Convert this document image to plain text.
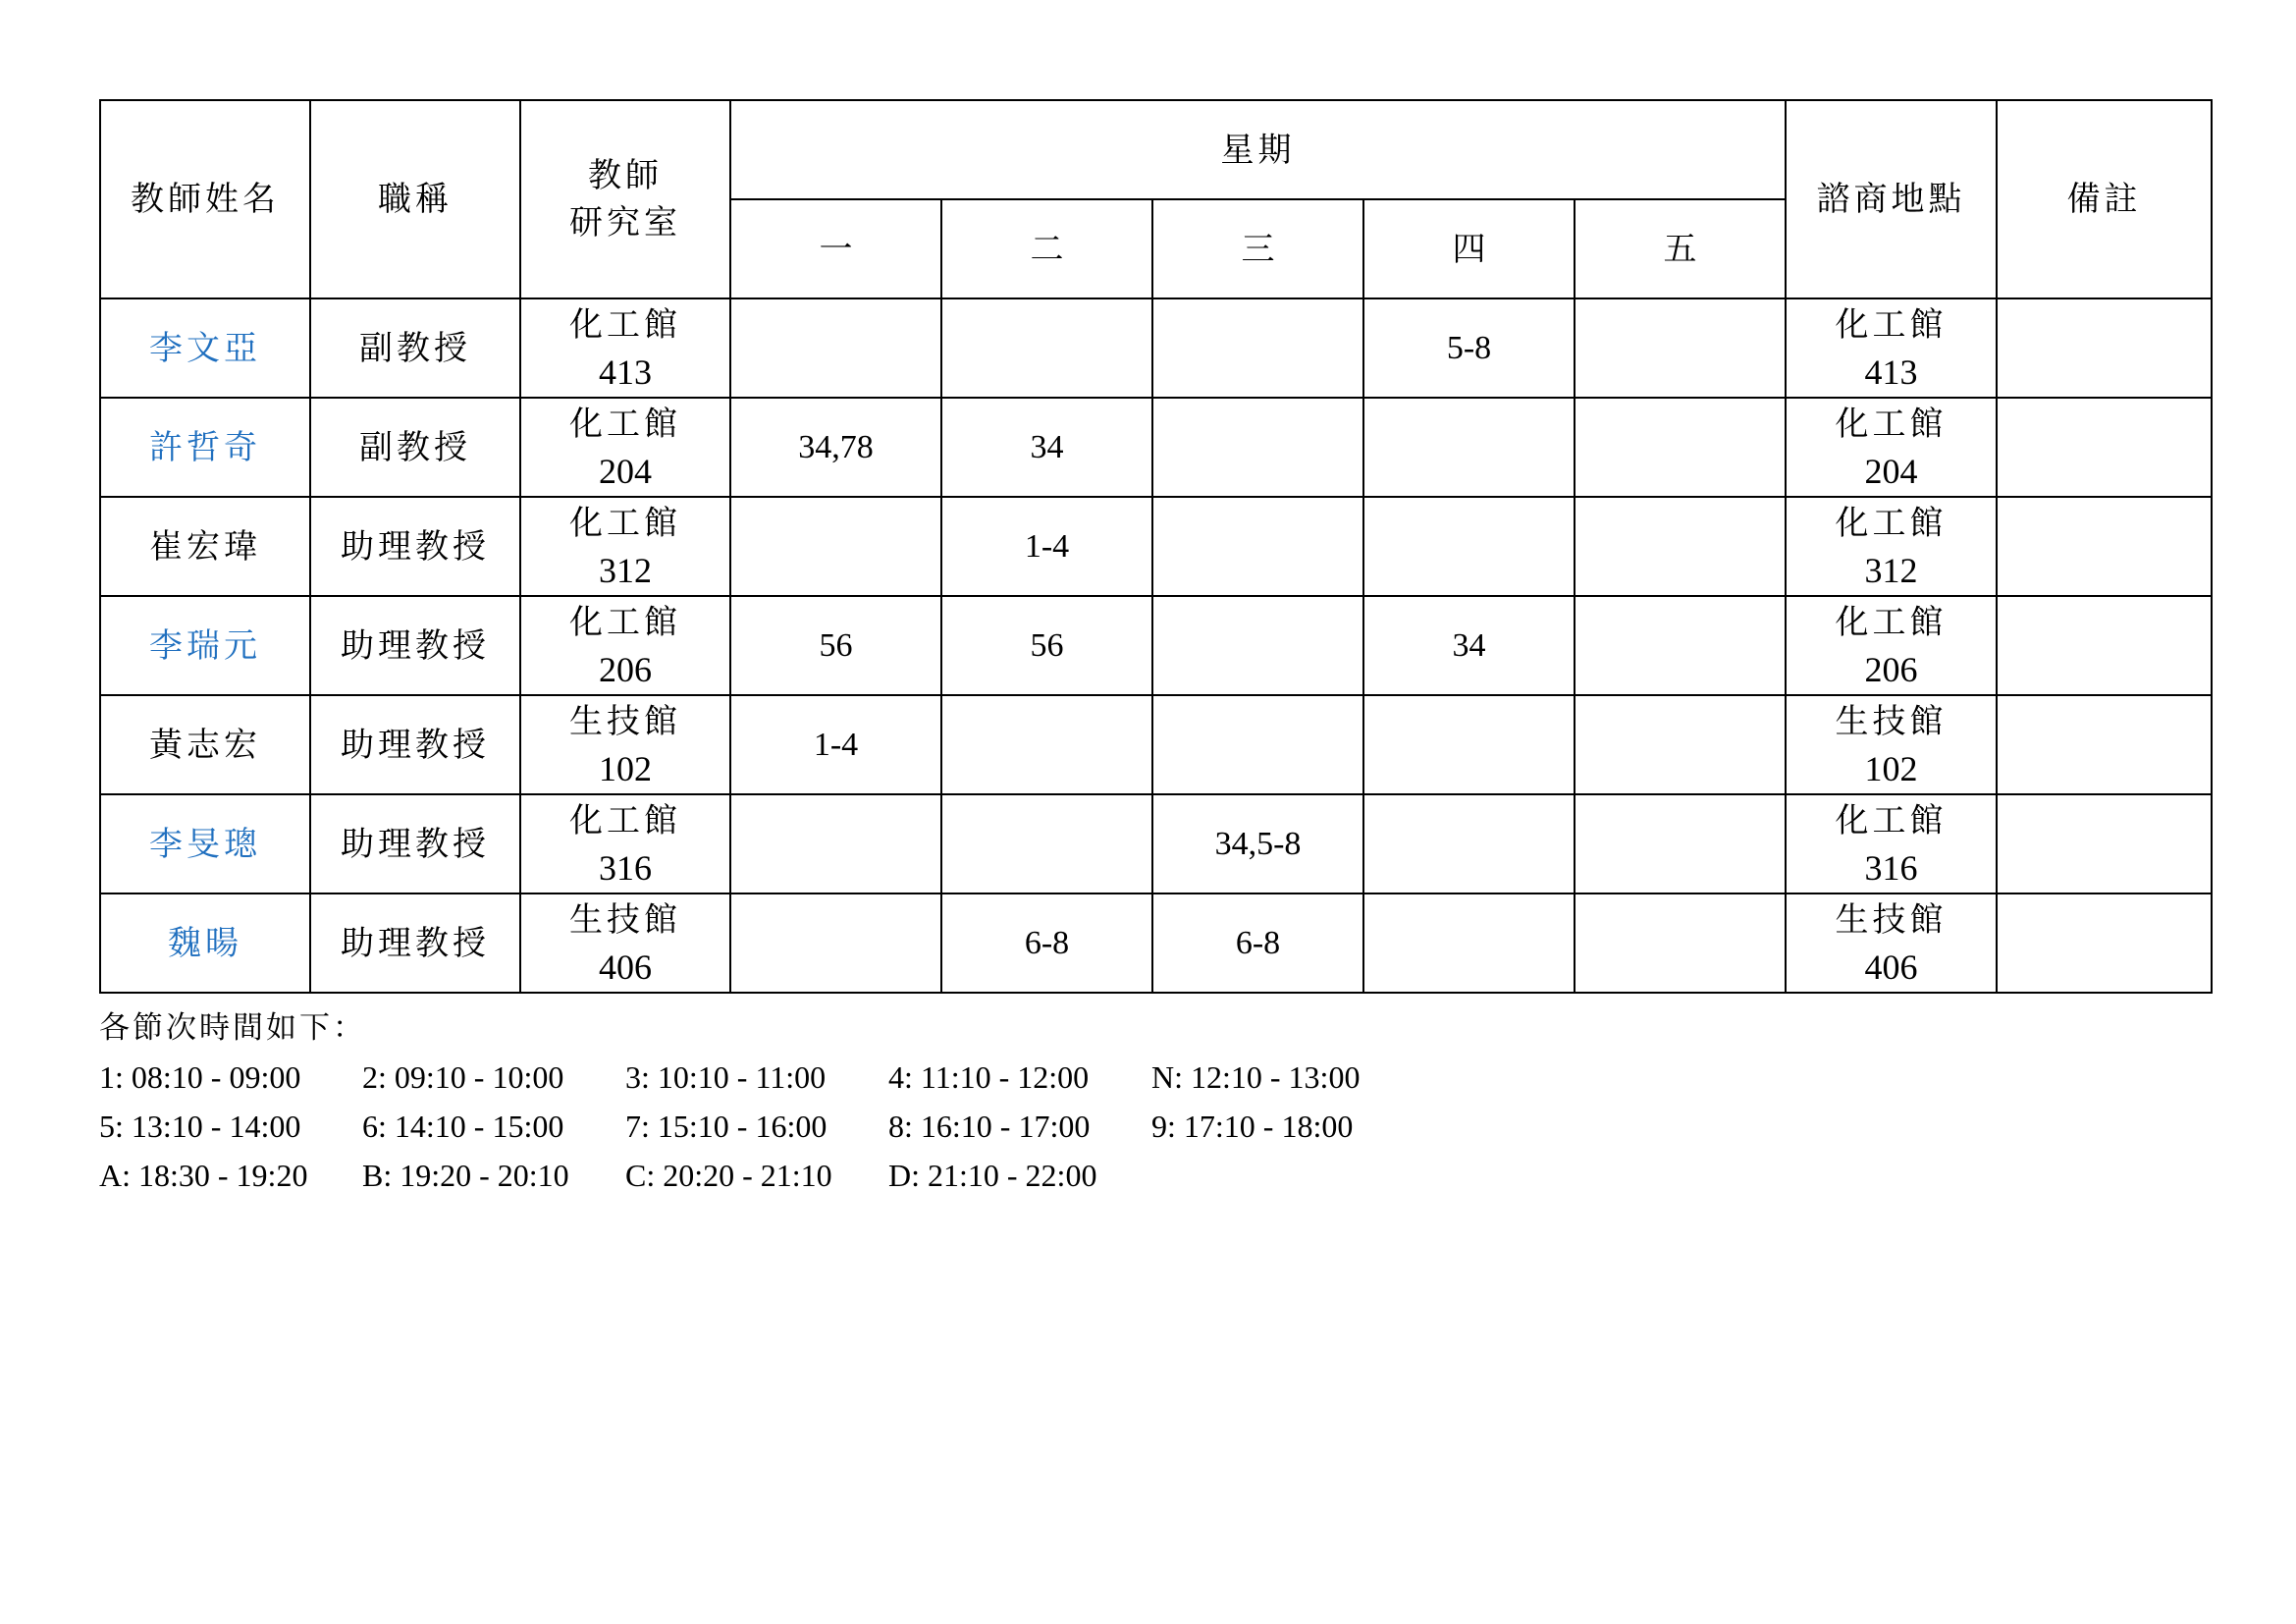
教師姓名	職稱	教師
研究室	星期					諮商地點	備註
			一	二	三	四	五		
李文亞	副教授	化工館
413				5-8		化工館
413	

許哲奇	副教授	化工館
204	34,78	34				化工館
204	

崔宏瑋	助理教授	化工館
312		1-4				化工館
312	

李瑞元	助理教授	化工館
206	56	56		34		化工館
206	

黃志宏	助理教授	生技館
102	1-4					生技館
102	

李旻璁	助理教授	化工館
316			34,5-8			化工館
316	

魏暘	助理教授	生技館
406		6-8	6-8			生技館
406	

各節次時間如下：
1: 08:10 - 09:00	2: 09:10 - 10:00	3: 10:10 - 11:00	4: 11:10 - 12:00	N: 12:10 - 13:00
5: 13:10 - 14:00	6: 14:10 - 15:00	7: 15:10 - 16:00	8: 16:10 - 17:00	9: 17:10 - 18:00
A: 18:30 - 19:20	B: 19:20 - 20:10	C: 20:20 - 21:10	D: 21:10 - 22:00
